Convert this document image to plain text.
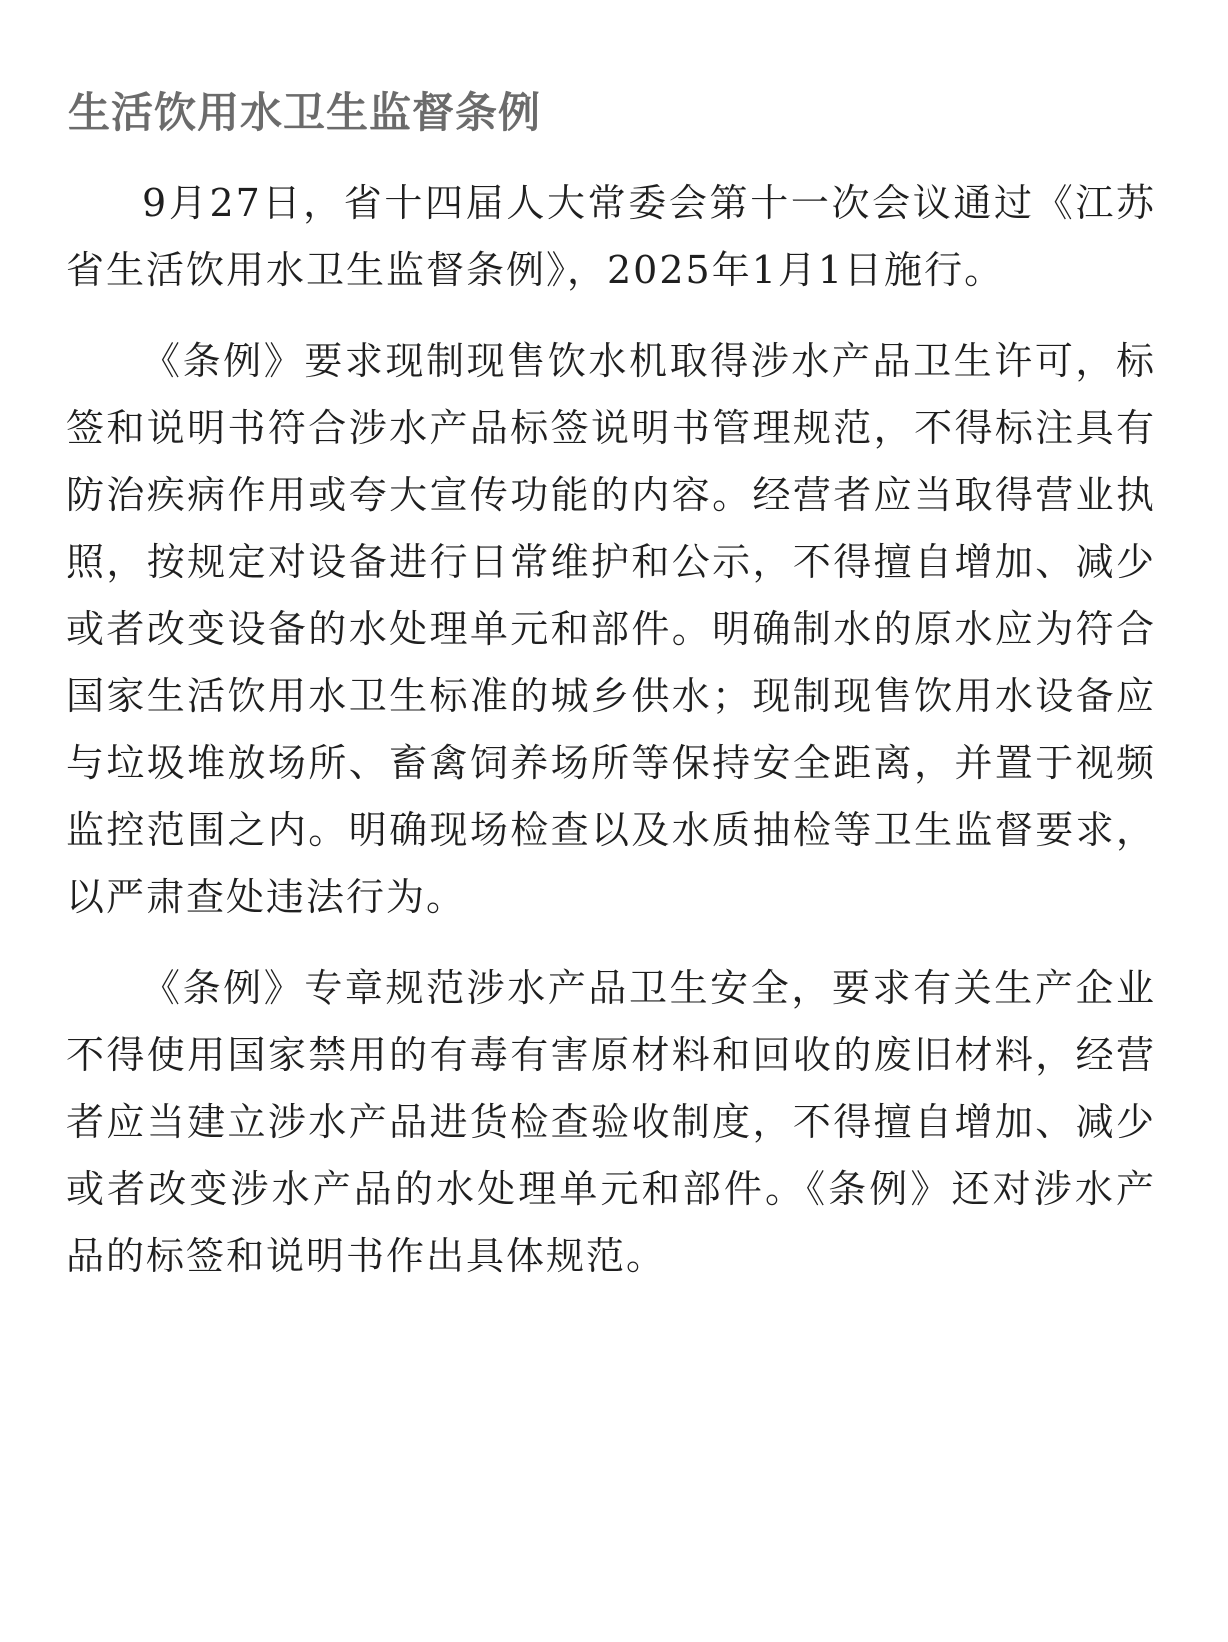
生活饮用水卫生监督条例

9月27日，省十四届人大常委会第十一次会议通过《江苏省生活饮用水卫生监督条例》，2025年1月1日施行。

《条例》要求现制现售饮水机取得涉水产品卫生许可，标签和说明书符合涉水产品标签说明书管理规范，不得标注具有防治疾病作用或夸大宣传功能的内容。经营者应当取得营业执照，按规定对设备进行日常维护和公示，不得擅自增加、减少或者改变设备的水处理单元和部件。明确制水的原水应为符合国家生活饮用水卫生标准的城乡供水；现制现售饮用水设备应与垃圾堆放场所、畜禽饲养场所等保持安全距离，并置于视频监控范围之内。明确现场检查以及水质抽检等卫生监督要求，以严肃查处违法行为。

《条例》专章规范涉水产品卫生安全，要求有关生产企业不得使用国家禁用的有毒有害原材料和回收的废旧材料，经营者应当建立涉水产品进货检查验收制度，不得擅自增加、减少或者改变涉水产品的水处理单元和部件。《条例》还对涉水产品的标签和说明书作出具体规范。
